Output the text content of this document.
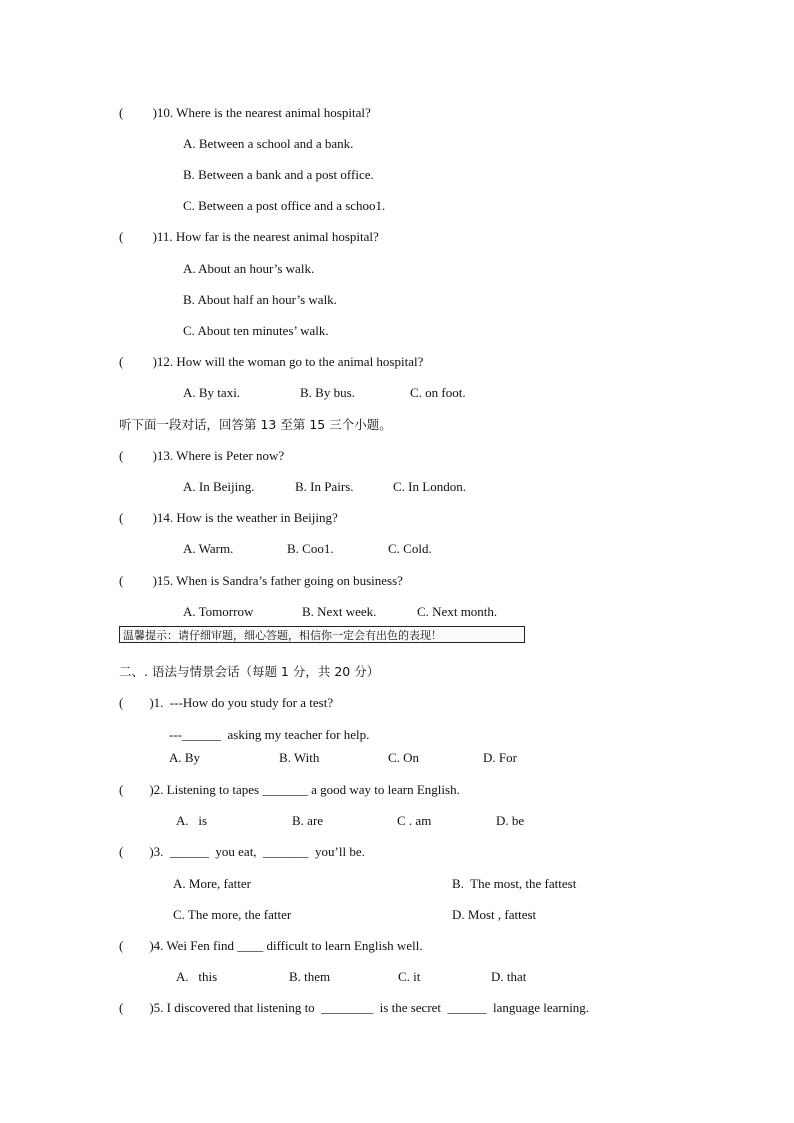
(         )10. Where is the nearest animal hospital?
A. Between a school and a bank.
B. Between a bank and a post office.
C. Between a post office and a schoo1.
(         )11. How far is the nearest animal hospital?
A. About an hour’s walk.
B. About half an hour’s walk.
C. About ten minutes’ walk.
(         )12. How will the woman go to the animal hospital?
A. By taxi.	B. By bus.	C. on foot.
听下面一段对话，回答第 13 至第 15 三个小题。
(         )13. Where is Peter now?
A. In Beijing.	B. In Pairs.	C. In London.
(         )14. How is the weather in Beijing?
A. Warm.	B. Coo1.	C. Cold.
(         )15. When is Sandra’s father going on business?
A. Tomorrow	B. Next week.	C. Next month.
温馨提示：请仔细审题，细心答题，相信你一定会有出色的表现！
二、. 语法与情景会话（每题 1 分，共 20 分）
(        )1.  ---How do you study for a test?
---______  asking my teacher for help.
A. By	B. With	C. On	D. For
(        )2. Listening to tapes _______ a good way to learn English.
A.   is	B. are	C . am	D. be
(        )3.  ______  you eat,  _______  you’ll be.
A. More, fatter	B.  The most, the fattest
C. The more, the fatter	D. Most , fattest
(        )4. Wei Fen find ____ difficult to learn English well.
A.   this	B. them	C. it	D. that
(        )5. I discovered that listening to  ________  is the secret  ______  language learning.
